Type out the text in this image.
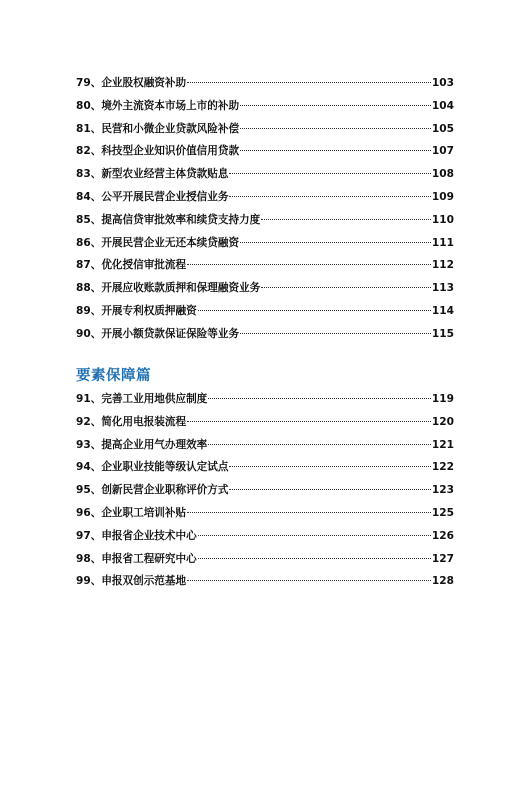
79、企业股权融资补助	103
80、境外主流资本市场上市的补助	104
81、民营和小微企业贷款风险补偿	105
82、科技型企业知识价值信用贷款	107
83、新型农业经营主体贷款贴息	108
84、公平开展民营企业授信业务	109
85、提高信贷审批效率和续贷支持力度	110
86、开展民营企业无还本续贷融资	111
87、优化授信审批流程	112
88、开展应收账款质押和保理融资业务	113
89、开展专利权质押融资	114
90、开展小额贷款保证保险等业务	115
要素保障篇
91、完善工业用地供应制度	119
92、简化用电报装流程	120
93、提高企业用气办理效率	121
94、企业职业技能等级认定试点	122
95、创新民营企业职称评价方式	123
96、企业职工培训补贴	125
97、申报省企业技术中心	126
98、申报省工程研究中心	127
99、申报双创示范基地	128
